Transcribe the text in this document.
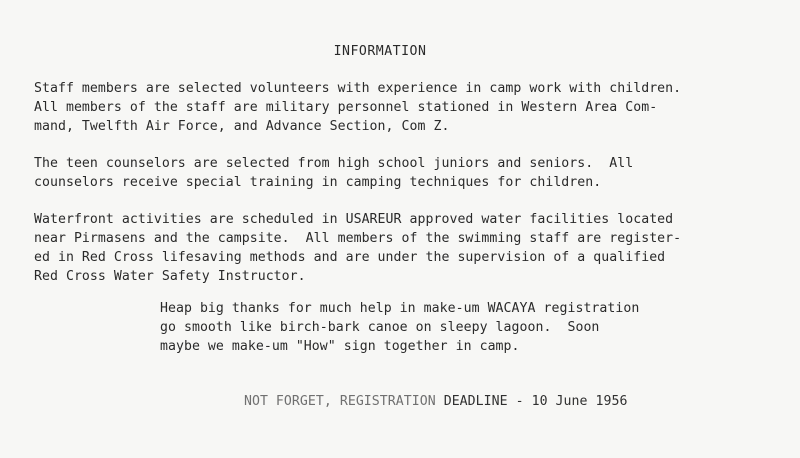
INFORMATION
Staff members are selected volunteers with experience in camp work with children.
All members of the staff are military personnel stationed in Western Area Com-
mand, Twelfth Air Force, and Advance Section, Com Z.
The teen counselors are selected from high school juniors and seniors.  All
counselors receive special training in camping techniques for children.
Waterfront activities are scheduled in USAREUR approved water facilities located
near Pirmasens and the campsite.  All members of the swimming staff are register-
ed in Red Cross lifesaving methods and are under the supervision of a qualified
Red Cross Water Safety Instructor.
Heap big thanks for much help in make-um WACAYA registration
go smooth like birch-bark canoe on sleepy lagoon.  Soon
maybe we make-um "How" sign together in camp.

NOT FORGET, REGISTRATION DEADLINE - 10 June 1956
